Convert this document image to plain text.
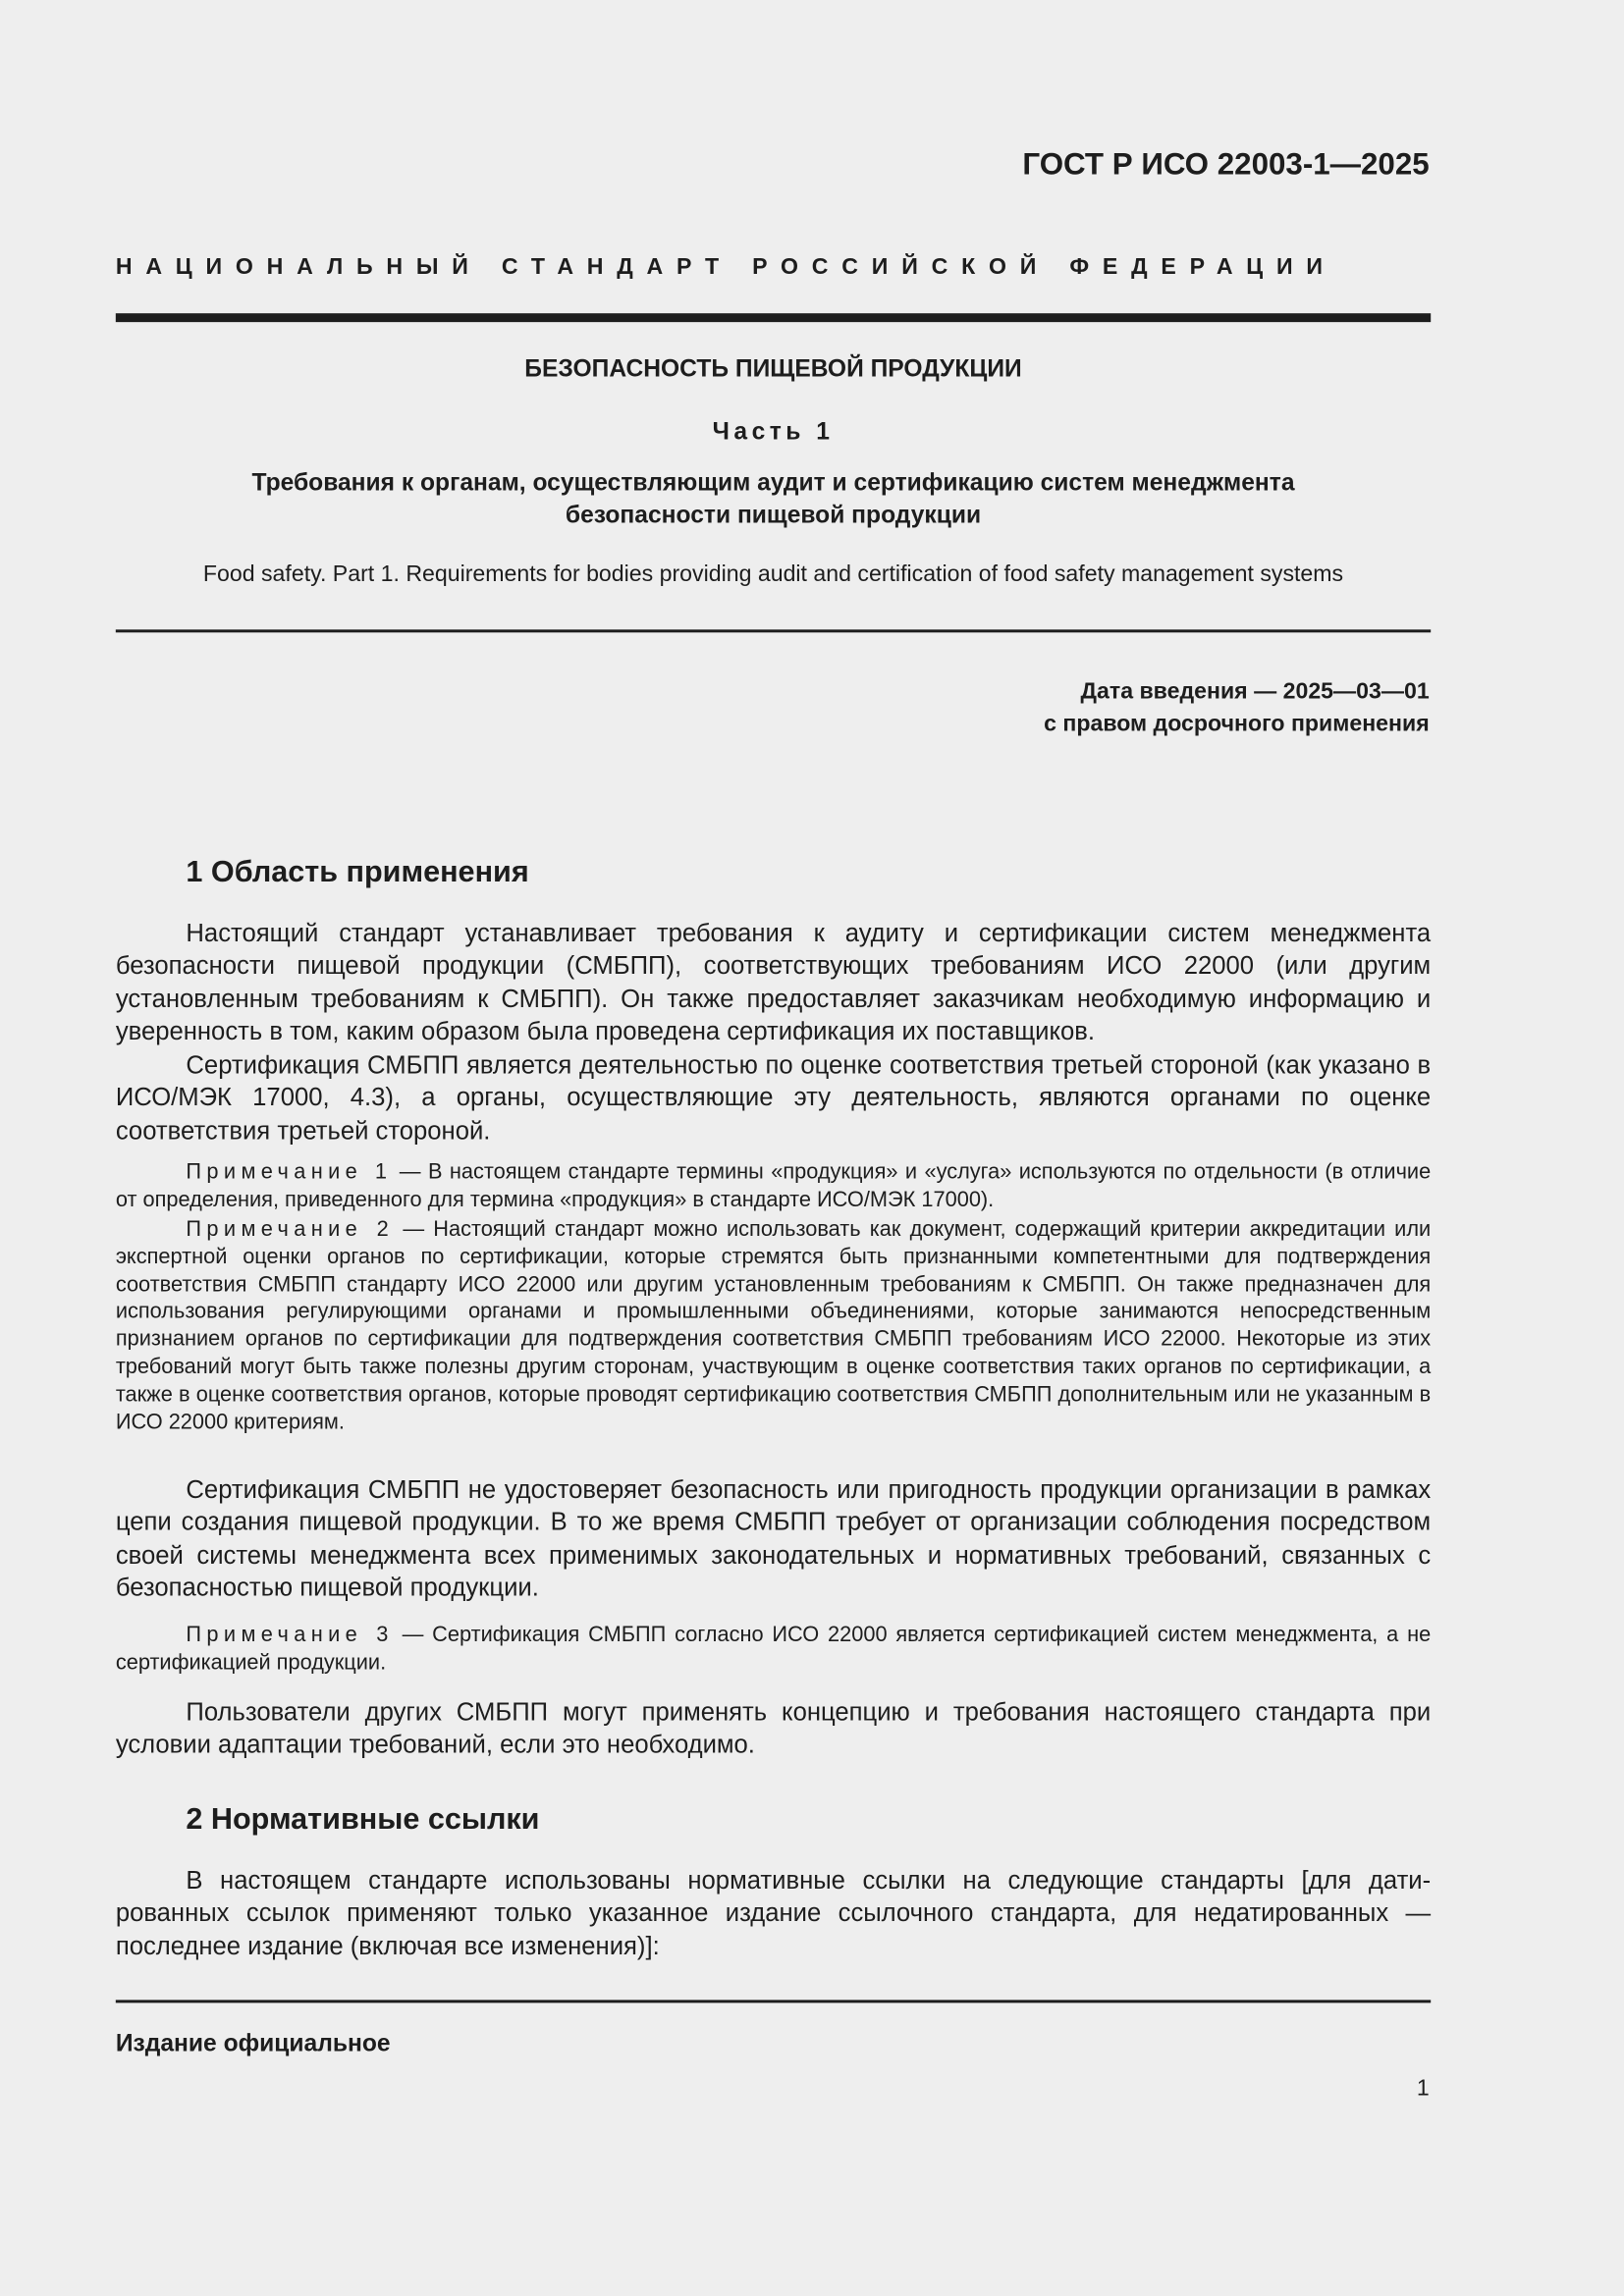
ГОСТ Р ИСО 22003-1—2025
НАЦИОНАЛЬНЫЙ СТАНДАРТ РОССИЙСКОЙ ФЕДЕРАЦИИ
БЕЗОПАСНОСТЬ ПИЩЕВОЙ ПРОДУКЦИИ
Часть 1
Требования к органам, осуществляющим аудит и сертификацию систем менеджмента
безопасности пищевой продукции
Food safety. Part 1. Requirements for bodies providing audit and certification of food safety management systems
Дата введения — 2025—03—01
с правом досрочного применения
1 Область применения

Настоящий стандарт устанавливает требования к аудиту и сертификации систем менеджмента безопасности пищевой продукции (СМБПП), соответствующих требованиям ИСО 22000 (или другим установленным требованиям к СМБПП). Он также предоставляет заказчикам необходимую информацию и уверенность в том, каким образом была проведена сертификация их поставщиков.

Сертификация СМБПП является деятельностью по оценке соответствия третьей стороной (как указано в ИСО/МЭК 17000, 4.3), а органы, осуществляющие эту деятельность, являются органами по оценке соответствия третьей стороной.

Примечание 1 — В настоящем стандарте термины «продукция» и «услуга» используются по отдельности (в отличие от определения, приведенного для термина «продукция» в стандарте ИСО/МЭК 17000).

Примечание 2 — Настоящий стандарт можно использовать как документ, содержащий критерии аккредитации или экспертной оценки органов по сертификации, которые стремятся быть признанными компетентными для подтверждения соответствия СМБПП стандарту ИСО 22000 или другим установленным требованиям к СМБПП. Он также предназначен для использования регулирующими органами и промышленными объединениями, которые занимаются непосредственным признанием органов по сертификации для подтверждения соответствия СМБПП требованиям ИСО 22000. Некоторые из этих требований могут быть также полезны другим сторонам, участвующим в оценке соответствия таких органов по сертификации, а также в оценке соответствия органов, которые проводят сертификацию соответствия СМБПП дополнительным или не указанным в ИСО 22000 критериям.

Сертификация СМБПП не удостоверяет безопасность или пригодность продукции организации в рамках цепи создания пищевой продукции. В то же время СМБПП требует от организации соблюдения посредством своей системы менеджмента всех применимых законодательных и нормативных требований, связанных с безопасностью пищевой продукции.

Примечание 3 — Сертификация СМБПП согласно ИСО 22000 является сертификацией систем менеджмента, а не сертификацией продукции.

Пользователи других СМБПП могут применять концепцию и требования настоящего стандарта при условии адаптации требований, если это необходимо.

2 Нормативные ссылки

В настоящем стандарте использованы нормативные ссылки на следующие стандарты [для датированных ссылок применяют только указанное издание ссылочного стандарта, для недатированных — последнее издание (включая все изменения)]:

Издание официальное
1
